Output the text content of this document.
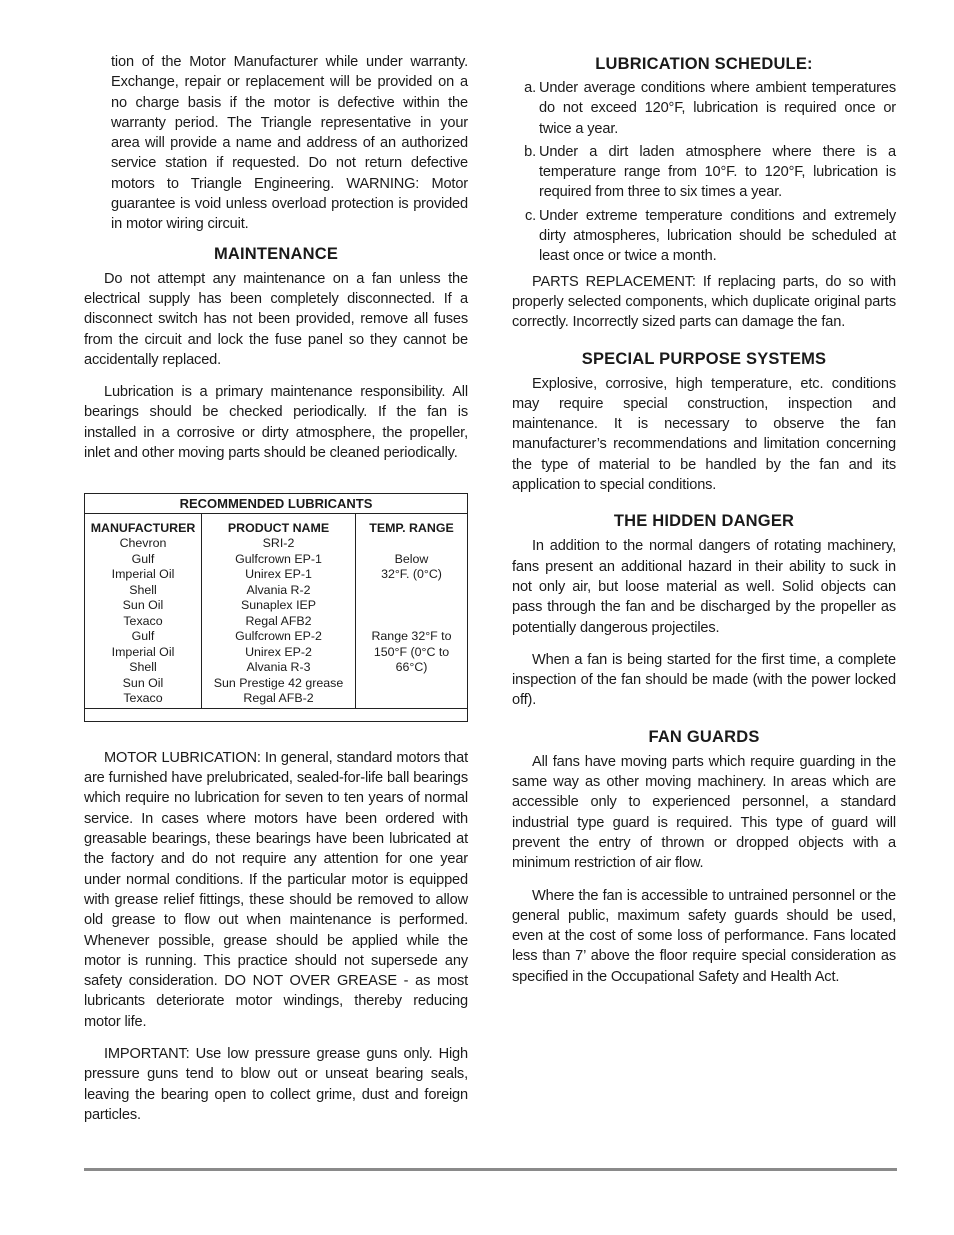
tion of the Motor Manufacturer while under warranty. Exchange, repair or replacement will be provided on a no charge basis if the motor is defective within the warranty period. The Triangle representative in your area will provide a name and address of an authorized service station if requested. Do not return defective motors to Triangle Engineering. WARNING: Motor guarantee is void unless overload protection is provided in motor wiring circuit.

MAINTENANCE

Do not attempt any maintenance on a fan unless the electrical supply has been completely disconnected. If a disconnect switch has not been provided, remove all fuses from the circuit and lock the fuse panel so they cannot be accidentally replaced.

Lubrication is a primary maintenance responsibility. All bearings should be checked periodically. If the fan is installed in a corrosive or dirty atmosphere, the propeller, inlet and other moving parts should be cleaned periodically.

RECOMMENDED LUBRICANTS
MANUFACTURER
Chevron
Gulf
Imperial Oil
Shell
Sun Oil
Texaco
Gulf
Imperial Oil
Shell
Sun Oil
Texaco
PRODUCT NAME
SRI-2
Gulfcrown EP-1
Unirex EP-1
Alvania R-2
Sunaplex IEP
Regal AFB2
Gulfcrown EP-2
Unirex EP-2
Alvania R-3
Sun Prestige 42 grease
Regal AFB-2
TEMP. RANGE
Below
32°F. (0°C)
Range 32°F to
150°F (0°C to
66°C)

MOTOR LUBRICATION: In general, standard motors that are furnished have prelubricated, sealed-for-life ball bearings which require no lubrication for seven to ten years of normal service. In cases where motors have been ordered with greasable bearings, these bearings have been lubricated at the factory and do not require any attention for one year under normal conditions. If the particular motor is equipped with grease relief fittings, these should be removed to allow old grease to flow out when maintenance is performed. Whenever possible, grease should be applied while the motor is running. This practice should not supersede any safety consideration. DO NOT OVER GREASE - as most lubricants deteriorate motor windings, thereby reducing motor life.

IMPORTANT: Use low pressure grease guns only. High pressure guns tend to blow out or unseat bearing seals, leaving the bearing open to collect grime, dust and foreign particles.

LUBRICATION SCHEDULE:
a. Under average conditions where ambient temperatures do not exceed 120°F, lubrication is required once or twice a year.
b. Under a dirt laden atmosphere where there is a temperature range from 10°F. to 120°F, lubrication is required from three to six times a year.
c. Under extreme temperature conditions and extremely dirty atmospheres, lubrication should be scheduled at least once or twice a month.

PARTS REPLACEMENT: If replacing parts, do so with properly selected components, which duplicate original parts correctly. Incorrectly sized parts can damage the fan.

SPECIAL PURPOSE SYSTEMS

Explosive, corrosive, high temperature, etc. conditions may require special construction, inspection and maintenance. It is necessary to observe the fan manufacturer’s recommendations and limitation concerning the type of material to be handled by the fan and its application to special conditions.

THE HIDDEN DANGER

In addition to the normal dangers of rotating machinery, fans present an additional hazard in their ability to suck in not only air, but loose material as well. Solid objects can pass through the fan and be discharged by the propeller as potentially dangerous projectiles.

When a fan is being started for the first time, a complete inspection of the fan should be made (with the power locked off).

FAN GUARDS

All fans have moving parts which require guarding in the same way as other moving machinery. In areas which are accessible only to experienced personnel, a standard industrial type guard is required. This type of guard will prevent the entry of thrown or dropped objects with a minimum restriction of air flow.

Where the fan is accessible to untrained personnel or the general public, maximum safety guards should be used, even at the cost of some loss of performance. Fans located less than 7’ above the floor require special consideration as specified in the Occupational Safety and Health Act.
